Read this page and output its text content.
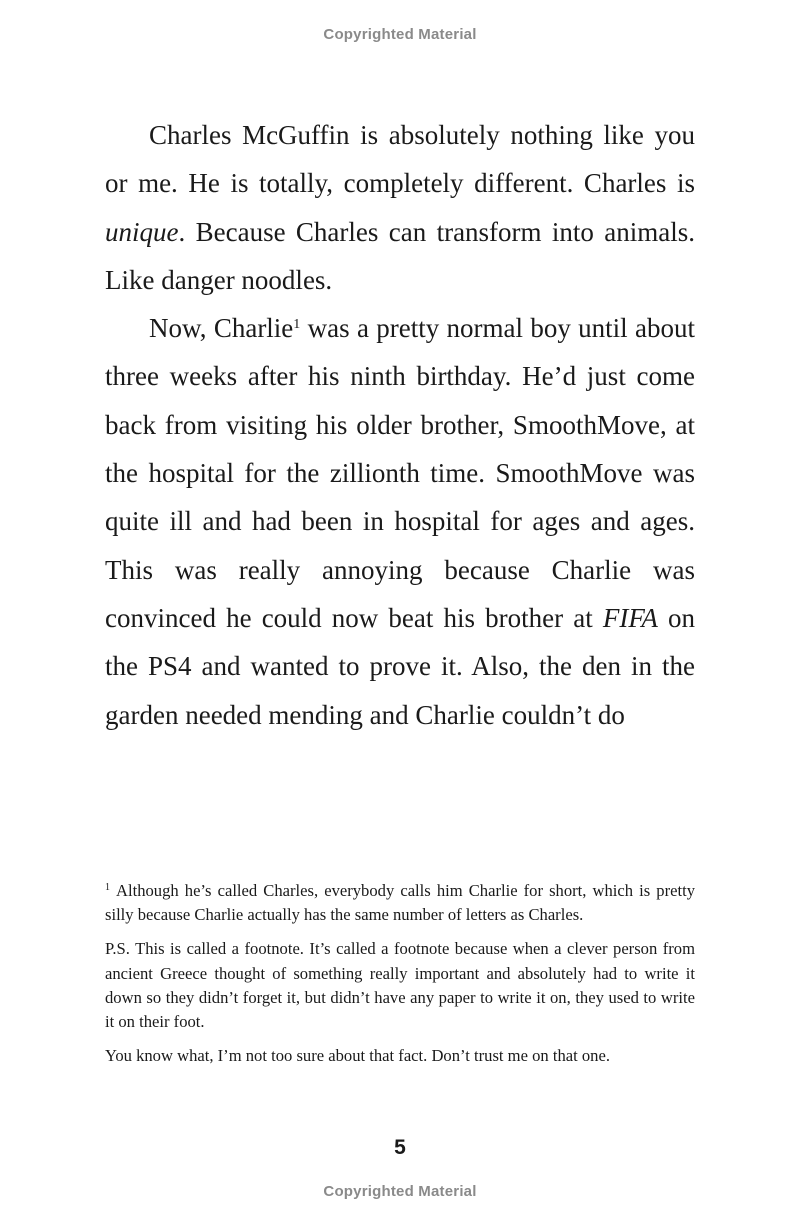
Copyrighted Material

Charles McGuffin is absolutely nothing like you or me. He is totally, completely different. Charles is unique. Because Charles can transform into animals. Like danger noodles.

Now, Charlie$^1$ was a pretty normal boy until about three weeks after his ninth birthday. He’d just come back from visiting his older brother, SmoothMove, at the hospital for the zillionth time. SmoothMove was quite ill and had been in hospital for ages and ages. This was really annoying because Charlie was convinced he could now beat his brother at FIFA on the PS4 and wanted to prove it. Also, the den in the garden needed mending and Charlie couldn’t do

$^1$ Although he’s called Charles, everybody calls him Charlie for short, which is pretty silly because Charlie actually has the same number of letters as Charles.

P.S. This is called a footnote. It’s called a footnote because when a clever person from ancient Greece thought of something really important and absolutely had to write it down so they didn’t forget it, but didn’t have any paper to write it on, they used to write it on their foot.

You know what, I’m not too sure about that fact. Don’t trust me on that one.

5
Copyrighted Material
